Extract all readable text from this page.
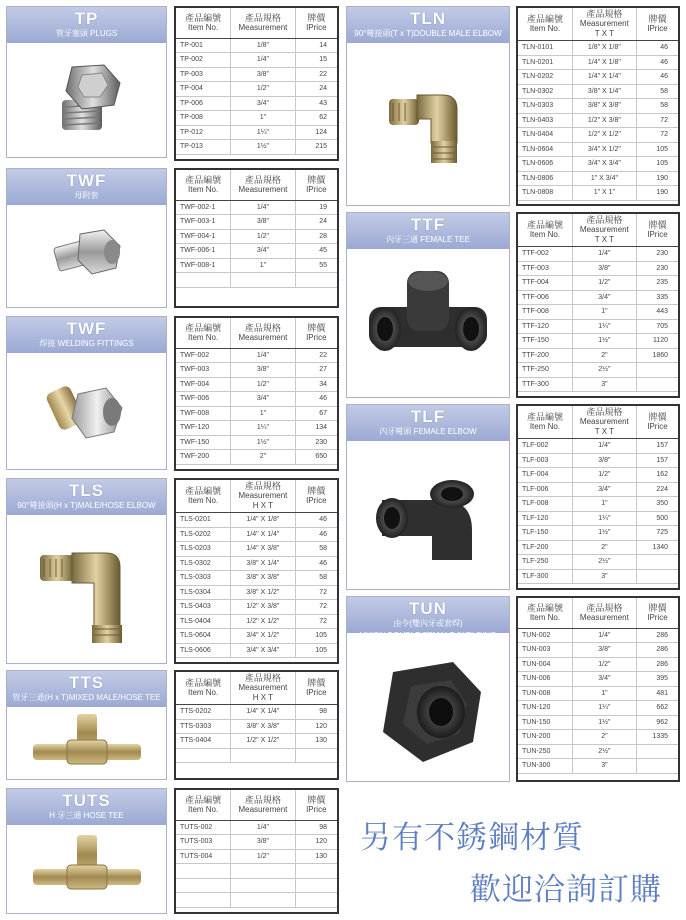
TP
管牙塞頭 PLUGS
產品編號
Item No.	產品規格
Measurement	牌價
IPrice

TP-001	1/8"	14
TP-002	1/4"	15
TP-003	3/8"	22
TP-004	1/2"	24
TP-006	3/4"	43
TP-008	1"	62
TP-012	1¼"	124
TP-013	1½"	215
TWF
母附套
產品編號
Item No.	產品規格
Measurement	牌價
IPrice

TWF-002-1	1/4"	19
TWF-003-1	3/8"	24
TWF-004-1	1/2"	28
TWF-006-1	3/4"	45
TWF-008-1	1"	55

TWF
焊接 WELDING FITTINGS
產品編號
Item No.	產品規格
Measurement	牌價
IPrice

TWF-002	1/4"	22
TWF-003	3/8"	27
TWF-004	1/2"	34
TWF-006	3/4"	46
TWF-008	1"	67
TWF-120	1¼"	134
TWF-150	1½"	230
TWF-200	2"	650
TLS
90°彎接頭(H x T)MALE/HOSE ELBOW
產品編號
Item No.	產品規格
Measurement
H X T	牌價
IPrice

TLS-0201	1/4" X 1/8"	46
TLS-0202	1/4" X 1/4"	46
TLS-0203	1/4" X 3/8"	58
TLS-0302	3/8" X 1/4"	46
TLS-0303	3/8" X 3/8"	58
TLS-0304	3/8" X 1/2"	72
TLS-0403	1/2" X 3/8"	72
TLS-0404	1/2" X 1/2"	72
TLS-0604	3/4" X 1/2"	105
TLS-0606	3/4" X 3/4"	105
TTS
管牙三通(H x T)MIXED MALE/HOSE TEE
產品編號
Item No.	產品規格
Measurement
H X T	牌價
IPrice

TTS-0202	1/4" X 1/4"	98
TTS-0303	3/8" X 3/8"	120
TTS-0404	1/2" X 1/2"	130

TUTS
H 牙三通 HOSE TEE
產品編號
Item No.	產品規格
Measurement	牌價
IPrice

TUTS-002	1/4"	98
TUTS-003	3/8"	120
TUTS-004	1/2"	130

TLN
90°彎接頭(T x T)DOUBLE MALE ELBOW
產品編號
Item No.	產品規格
Measurement
T X T	牌價
IPrice

TLN-0101	1/8" X 1/8"	46
TLN-0201	1/4" X 1/8"	46
TLN-0202	1/4" X 1/4"	46
TLN-0302	3/8" X 1/4"	58
TLN-0303	3/8" X 3/8"	58
TLN-0403	1/2" X 3/8"	72
TLN-0404	1/2" X 1/2"	72
TLN-0604	3/4" X 1/2"	105
TLN-0606	3/4" X 3/4"	105
TLN-0806	1" X 3/4"	190
TLN-0808	1" X 1"	190
TTF
內牙三通 FEMALE TEE
產品編號
Item No.	產品規格
Measurement
T X T	牌價
IPrice

TTF-002	1/4"	230
TTF-003	3/8"	230
TTF-004	1/2"	235
TTF-006	3/4"	335
TTF-008	1"	443
TTF-120	1¼"	705
TTF-150	1½"	1120
TTF-200	2"	1860
TTF-250	2½"	
TTF-300	3"	
TLF
內牙彎頭 FEMALE ELBOW
產品編號
Item No.	產品規格
Measurement
T X T	牌價
IPrice

TLF-002	1/4"	157
TLF-003	3/8"	157
TLF-004	1/2"	162
TLF-006	3/4"	224
TLF-008	1"	350
TLF-120	1¼"	500
TLF-150	1½"	725
TLF-200	2"	1340
TLF-250	2½"	
TLF-300	3"	
TUN
由令(雙內牙或套焊)
UNION DOUBLE FEMALE /WELDING
產品編號
Item No.	產品規格
Measurement	牌價
IPrice

TUN-002	1/4"	286
TUN-003	3/8"	286
TUN-004	1/2"	286
TUN-006	3/4"	395
TUN-008	1"	481
TUN-120	1¼"	662
TUN-150	1½"	962
TUN-200	2"	1335
TUN-250	2½"	
TUN-300	3"	
另有不銹鋼材質
歡迎洽詢訂購
